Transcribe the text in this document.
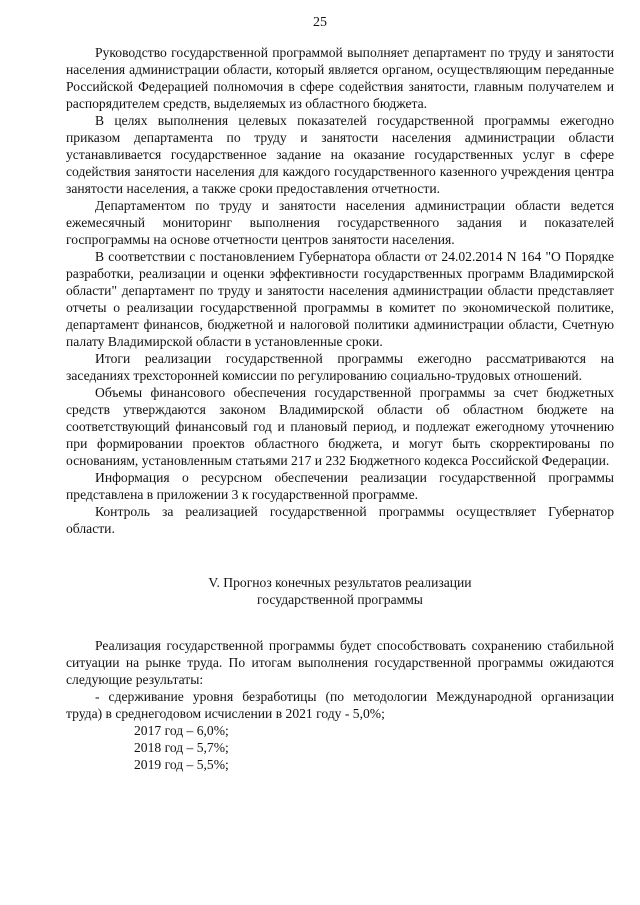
25

Руководство государственной программой выполняет департамент по труду и занятости населения администрации области, который является органом, осуществляющим переданные Российской Федерацией полномочия в сфере содействия занятости, главным получателем и распорядителем средств, выделяемых из областного бюджета.

В целях выполнения целевых показателей государственной программы ежегодно приказом департамента по труду и занятости населения администрации области устанавливается государственное задание на оказание государственных услуг в сфере содействия занятости населения для каждого государственного казенного учреждения центра занятости населения, а также сроки предоставления отчетности.

Департаментом по труду и занятости населения администрации области ведется ежемесячный мониторинг выполнения государственного задания и показателей госпрограммы на основе отчетности центров занятости населения.

В соответствии с постановлением Губернатора области от 24.02.2014 N 164 "О Порядке разработки, реализации и оценки эффективности государственных программ Владимирской области" департамент по труду и занятости населения администрации области представляет отчеты о реализации государственной программы в комитет по экономической политике, департамент финансов, бюджетной и налоговой политики администрации области, Счетную палату Владимирской области в установленные сроки.

Итоги реализации государственной программы ежегодно рассматриваются на заседаниях трехсторонней комиссии по регулированию социально-трудовых отношений.

Объемы финансового обеспечения государственной программы за счет бюджетных средств утверждаются законом Владимирской области об областном бюджете на соответствующий финансовый год и плановый период, и подлежат ежегодному уточнению при формировании проектов областного бюджета, и могут быть скорректированы по основаниям, установленным статьями 217 и 232 Бюджетного кодекса Российской Федерации.

Информация о ресурсном обеспечении реализации государственной программы представлена в приложении 3 к государственной программе.

Контроль за реализацией государственной программы осуществляет Губернатор области.

V. Прогноз конечных результатов реализации

государственной программы

Реализация государственной программы будет способствовать сохранению стабильной ситуации на рынке труда. По итогам выполнения государственной программы ожидаются следующие результаты:

- сдерживание уровня безработицы (по методологии Международной организации труда) в среднегодовом исчислении в 2021 году - 5,0%;

2017 год – 6,0%;

2018 год – 5,7%;

2019 год – 5,5%;
